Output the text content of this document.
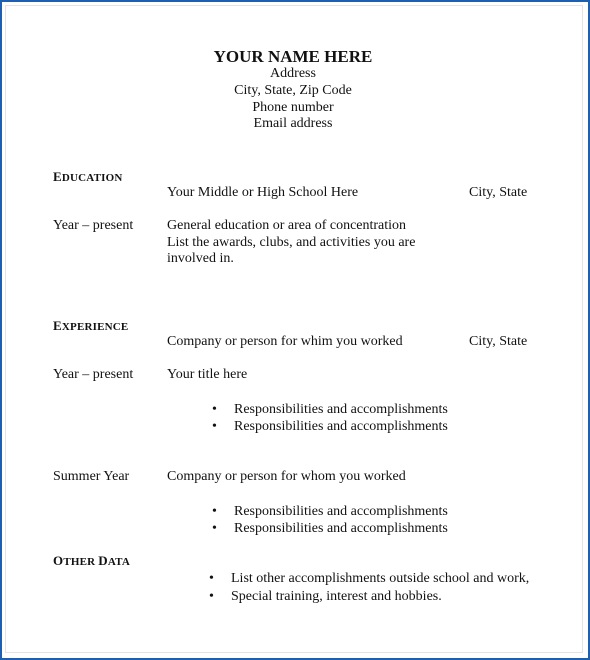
YOUR NAME HERE
Address
City, State, Zip Code
Phone number
Email address
EDUCATION
Your Middle or High School Here	City, State
Year – present General education or area of concentration
List the awards, clubs, and activities you are
involved in.
EXPERIENCE
Company or person for whim you worked	City, State
Year – present Your title here
• Responsibilities and accomplishments
• Responsibilities and accomplishments
Summer Year	Company or person for whom you worked
• Responsibilities and accomplishments
• Responsibilities and accomplishments
OTHER DATA
• List other accomplishments outside school and work,
• Special training, interest and hobbies.
